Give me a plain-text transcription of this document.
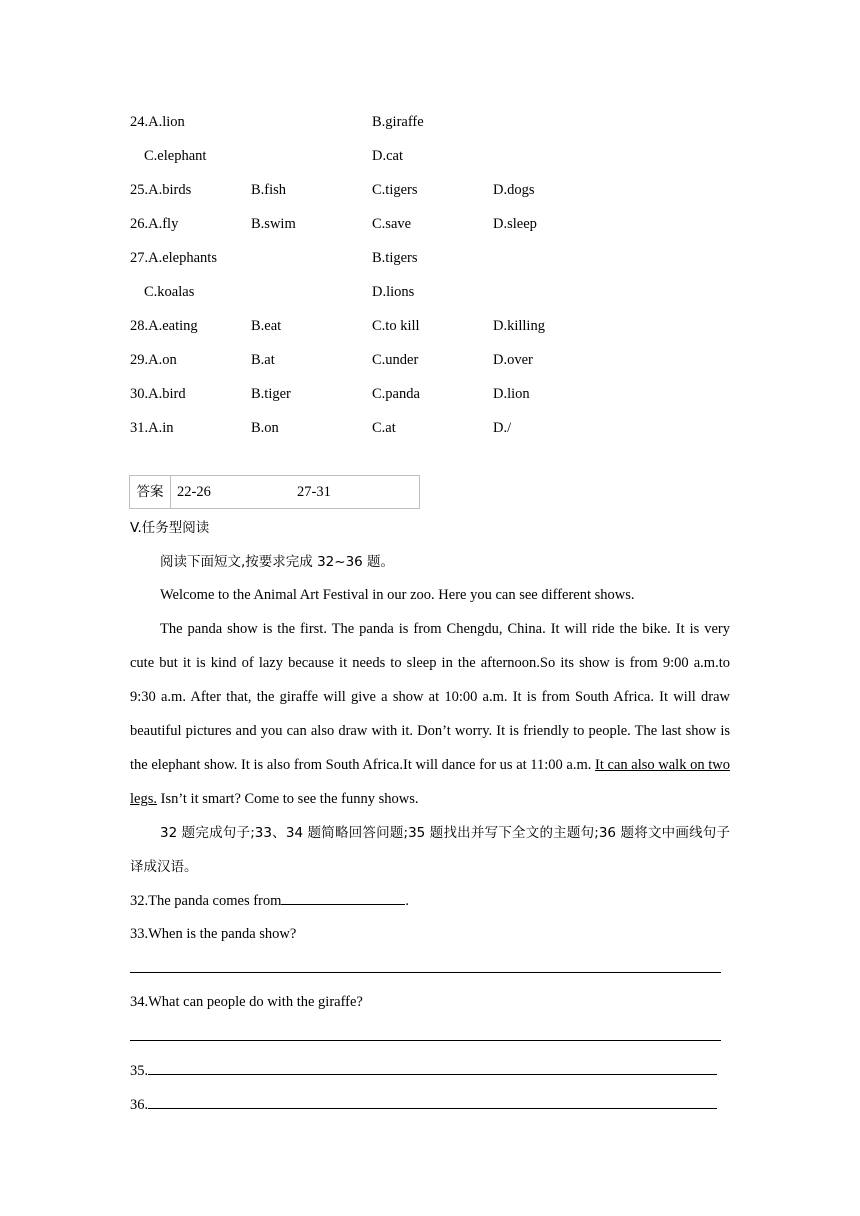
24.A.lion	B.giraffe
C.elephant	D.cat
25.A.birds	B.fish	C.tigers	D.dogs
26.A.fly	B.swim	C.save	D.sleep
27.A.elephants	B.tigers
C.koalas	D.lions
28.A.eating	B.eat	C.to kill	D.killing
29.A.on	B.at	C.under	D.over
30.A.bird	B.tiger	C.panda	D.lion
31.A.in	B.on	C.at	D./
答案 22-26	27-31
V.任务型阅读
阅读下面短文,按要求完成 32~36 题。

Welcome to the Animal Art Festival in our zoo. Here you can see different shows.

The panda show is the first. The panda is from Chengdu, China. It will ride the bike. It is very cute but it is kind of lazy because it needs to sleep in the afternoon.So its show is from 9:00 a.m.to 9:30 a.m. After that, the giraffe will give a show at 10:00 a.m. It is from South Africa. It will draw beautiful pictures and you can also draw with it. Don’t worry. It is friendly to people. The last show is the elephant show. It is also from South Africa.It will dance for us at 11:00 a.m. It can also walk on two legs. Isn’t it smart? Come to see the funny shows.

32 题完成句子;33、34 题简略回答问题;35 题找出并写下全文的主题句;36 题将文中画线句子译成汉语。

32.The panda comes from	.
33.When is the panda show?
34.What can people do with the giraffe?
35.
36.
